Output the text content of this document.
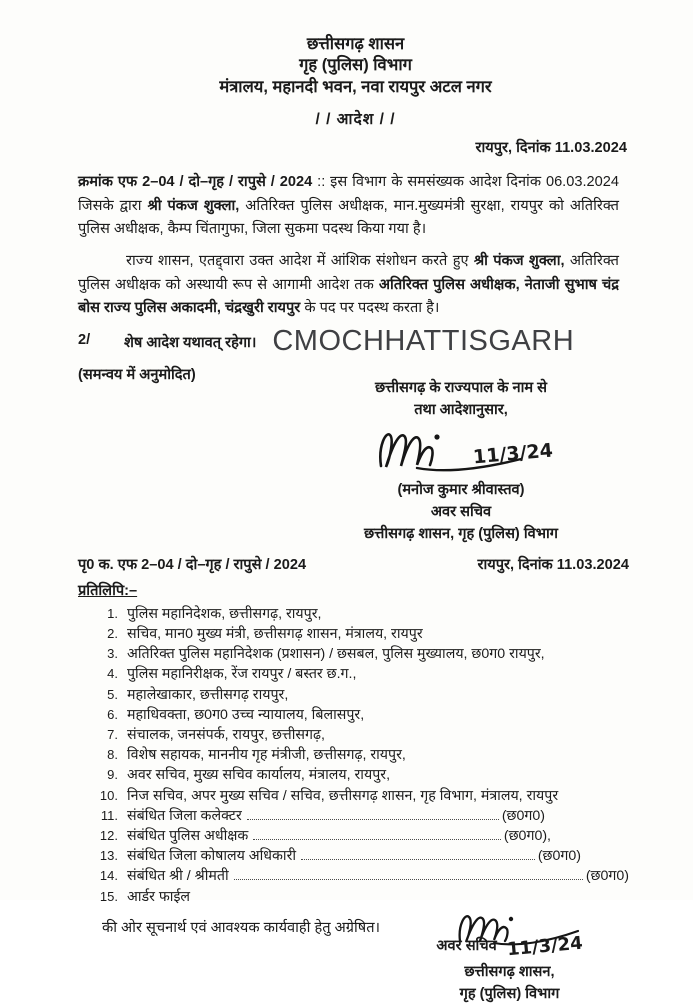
छत्तीसगढ़ शासन
गृह (पुलिस) विभाग
मंत्रालय, महानदी भवन, नवा रायपुर अटल नगर
/ / आदेश / /
रायपुर, दिनांक 11.03.2024

क्रमांक एफ 2–04 / दो–गृह / रापुसे / 2024 :: इस विभाग के समसंख्यक आदेश दिनांक 06.03.2024 जिसके द्वारा श्री पंकज शुक्ला, अतिरिक्त पुलिस अधीक्षक, मान.मुख्यमंत्री सुरक्षा, रायपुर को अतिरिक्त पुलिस अधीक्षक, कैम्प चिंतागुफा, जिला सुकमा पदस्थ किया गया है।

राज्य शासन, एतद्द्वारा उक्त आदेश में आंशिक संशोधन करते हुए श्री पंकज शुक्ला, अतिरिक्त पुलिस अधीक्षक को अस्थायी रूप से आगामी आदेश तक अतिरिक्त पुलिस अधीक्षक, नेताजी सुभाष चंद्र बोस राज्य पुलिस अकादमी, चंद्रखुरी रायपुर के पद पर पदस्थ करता है।

2/	शेष आदेश यथावत् रहेगा। CMOCHHATTISGARH
(समन्वय में अनुमोदित)
छत्तीसगढ़ के राज्यपाल के नाम से
तथा आदेशानुसार,
11/3/24
(मनोज कुमार श्रीवास्तव)
अवर सचिव
छत्तीसगढ़ शासन, गृह (पुलिस) विभाग
पृ0 क. एफ 2–04 / दो–गृह / रापुसे / 2024	रायपुर, दिनांक 11.03.2024
प्रतिलिपि:–
1. पुलिस महानिदेशक, छत्तीसगढ़, रायपुर,
2. सचिव, मान0 मुख्य मंत्री, छत्तीसगढ़ शासन, मंत्रालय, रायपुर
3. अतिरिक्त पुलिस महानिदेशक (प्रशासन) / छसबल, पुलिस मुख्यालय, छ0ग0 रायपुर,
4. पुलिस महानिरीक्षक, रेंज रायपुर / बस्तर छ.ग.,
5. महालेखाकार, छत्तीसगढ़ रायपुर,
6. महाधिवक्ता, छ0ग0 उच्च न्यायालय, बिलासपुर,
7. संचालक, जनसंपर्क, रायपुर, छत्तीसगढ़,
8. विशेष सहायक, माननीय गृह मंत्रीजी, छत्तीसगढ़, रायपुर,
9. अवर सचिव, मुख्य सचिव कार्यालय, मंत्रालय, रायपुर,
10. निज सचिव, अपर मुख्य सचिव / सचिव, छत्तीसगढ़ शासन, गृह विभाग, मंत्रालय, रायपुर
11. संबंधित जिला कलेक्टर	(छ0ग0)
12. संबंधित पुलिस अधीक्षक	(छ0ग0),
13. संबंधित जिला कोषालय अधिकारी	(छ0ग0)
14. संबंधित श्री / श्रीमती	(छ0ग0)
15. आर्डर फाईल
की ओर सूचनार्थ एवं आवश्यक कार्यवाही हेतु अग्रेषित।
अवर सचिव 11/3/24
छत्तीसगढ़ शासन,
गृह (पुलिस) विभाग
